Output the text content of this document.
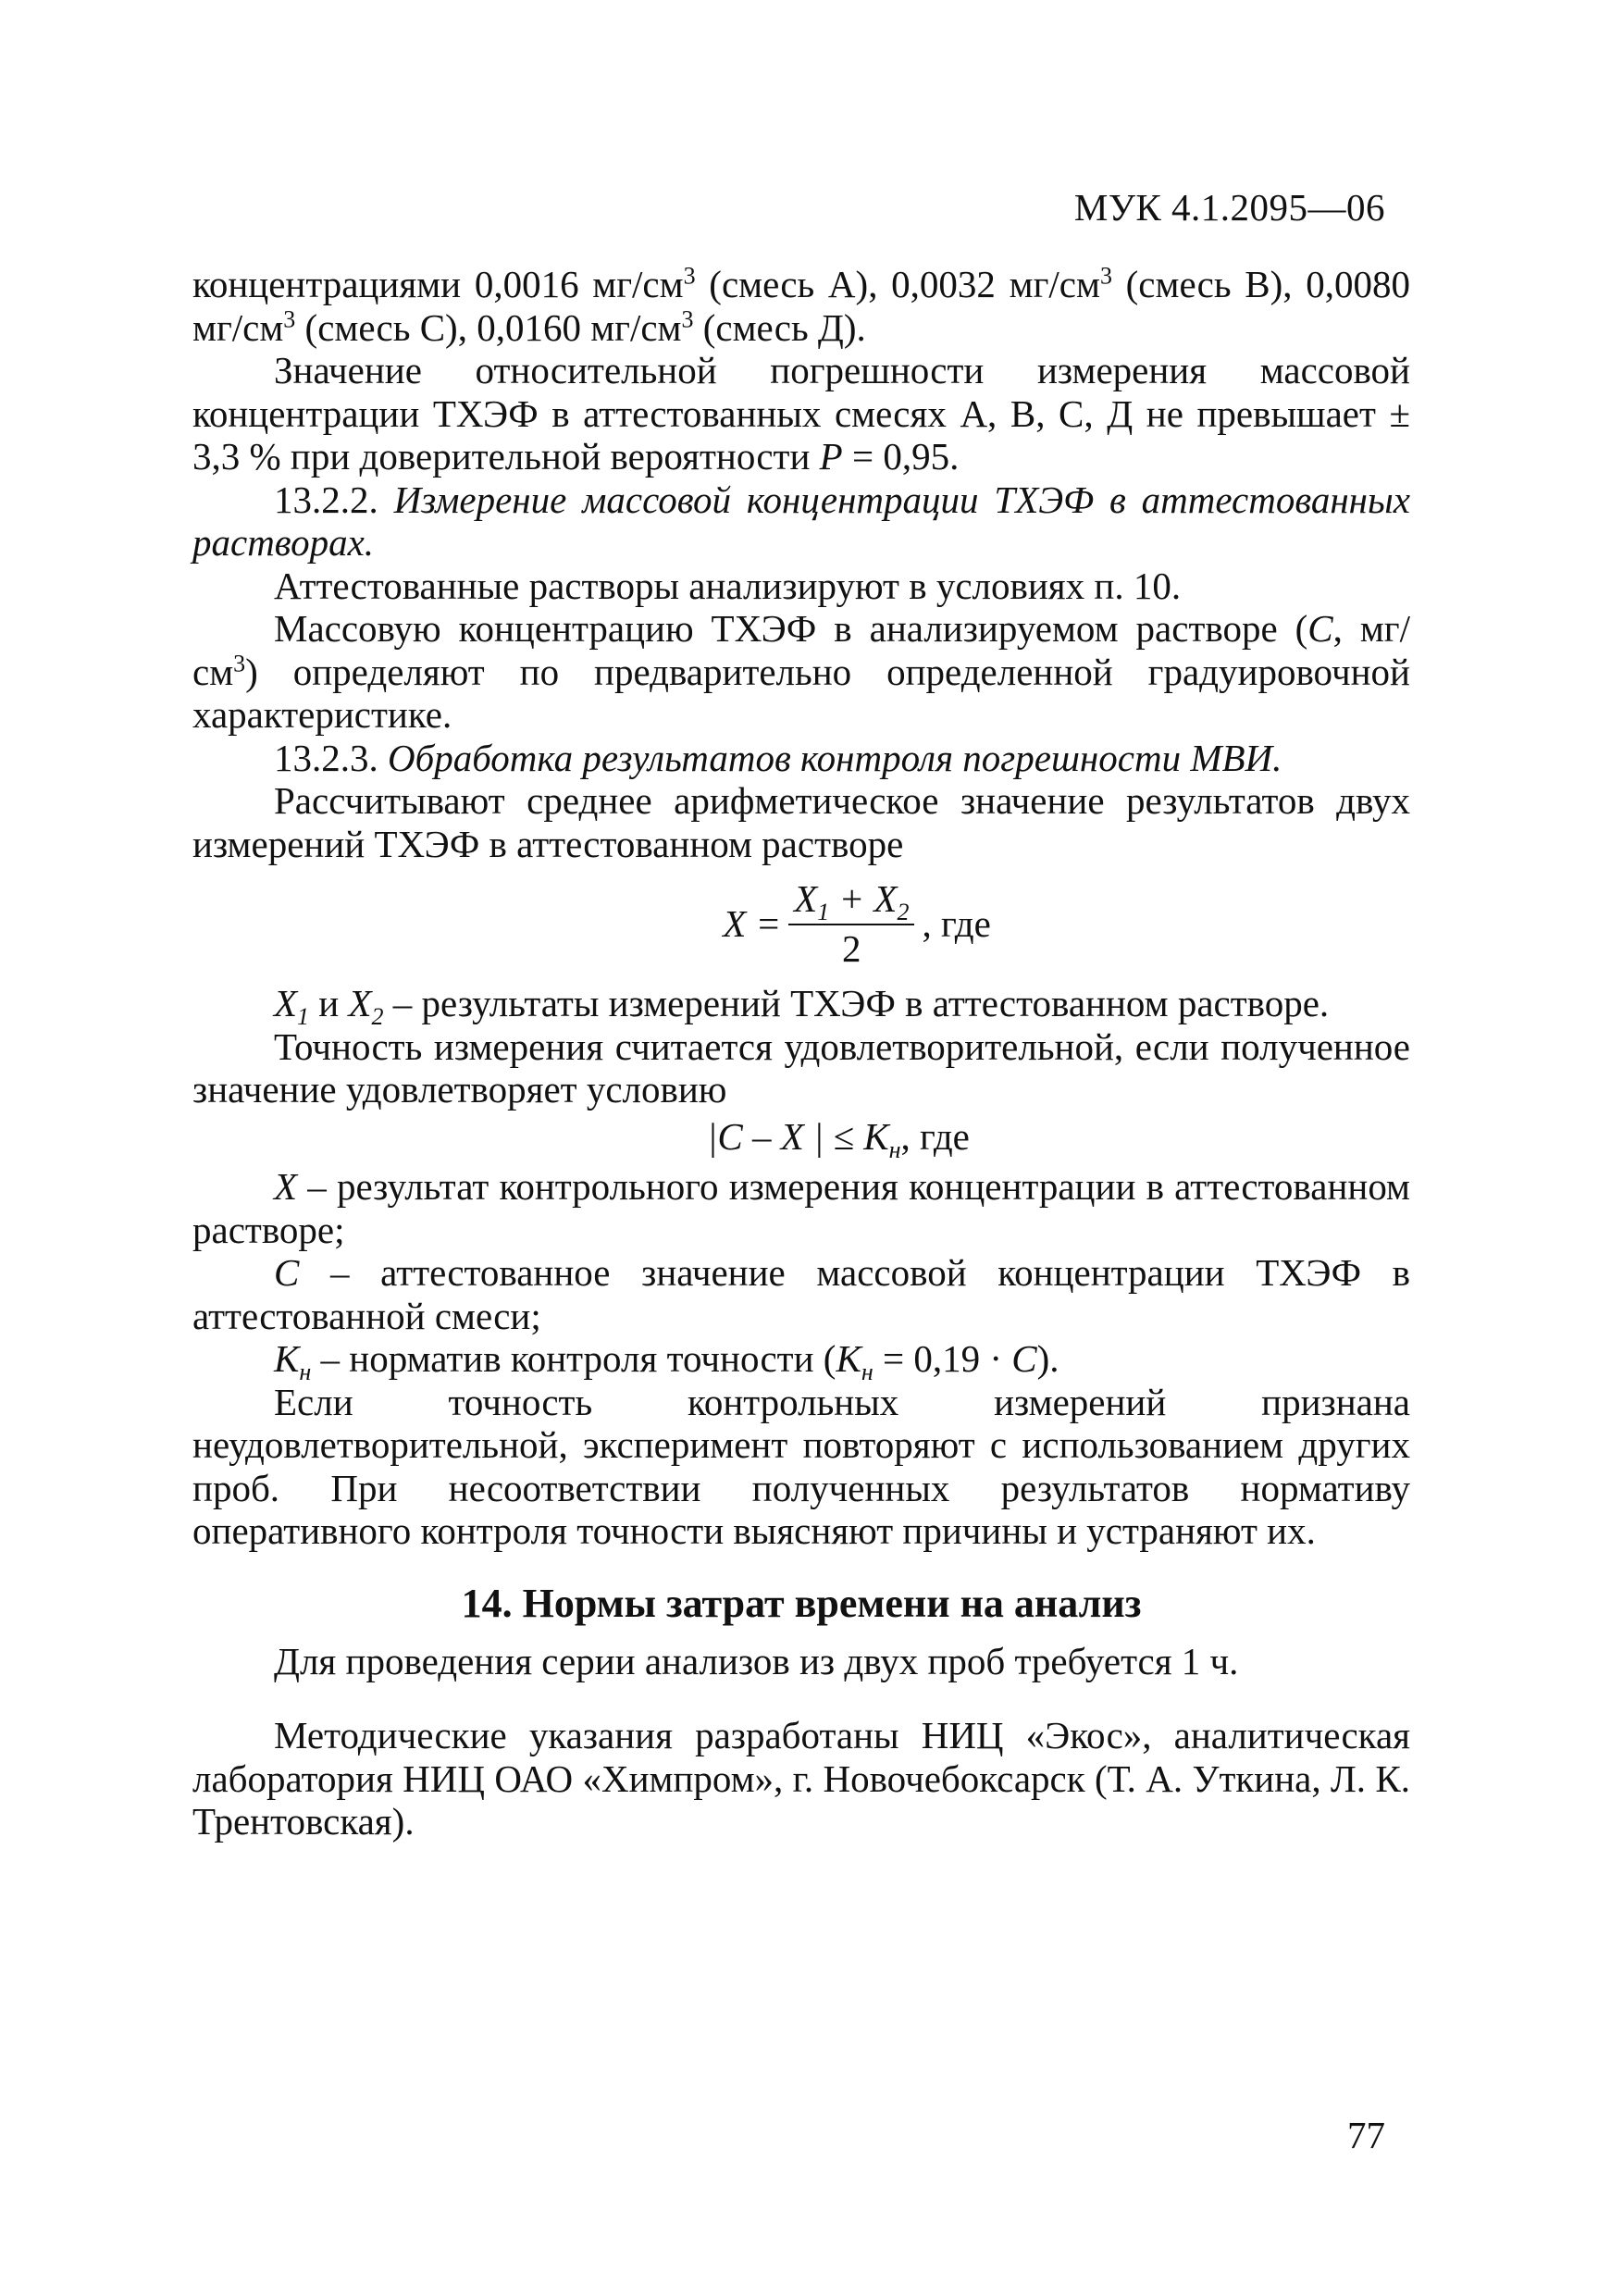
МУК 4.1.2095—06

концентрациями 0,0016 $мг/см^3$ (смесь А), 0,0032 $мг/см^3$ (смесь В), 0,0080 $мг/см^3$ (смесь С), 0,0160 $мг/см^3$ (смесь Д).

Значение относительной погрешности измерения массовой концентрации ТХЭФ в аттестованных смесях А, В, С, Д не превышает ± 3,3 % при доверительной вероятности P = 0,95.

13.2.2. Измерение массовой концентрации ТХЭФ в аттестованных растворах.

Аттестованные растворы анализируют в условиях п. 10.

Массовую концентрацию ТХЭФ в анализируемом растворе (С, $мг/см^3$) определяют по предварительно определенной градуировочной характеристике.

13.2.3. Обработка результатов контроля погрешности МВИ.

Рассчитывают среднее арифметическое значение результатов двух измерений ТХЭФ в аттестованном растворе

$X = \frac{X_1 + X_2}{2}$ , где

$X_1$ и $X_2$ – результаты измерений ТХЭФ в аттестованном растворе.

Точность измерения считается удовлетворительной, если полученное значение удовлетворяет условию

|C – X | ≤ $K_н$, где

X – результат контрольного измерения концентрации в аттестованном растворе;

C – аттестованное значение массовой концентрации ТХЭФ в аттестованной смеси;

$K_н$ – норматив контроля точности $(K_н = 0,19 \cdot C)$.

Если точность контрольных измерений признана неудовлетворительной, эксперимент повторяют с использованием других проб. При несоответствии полученных результатов нормативу оперативного контроля точности выясняют причины и устраняют их.

14. Нормы затрат времени на анализ

Для проведения серии анализов из двух проб требуется 1 ч.

Методические указания разработаны НИЦ «Экос», аналитическая лаборатория НИЦ ОАО «Химпром», г. Новочебоксарск (Т. А. Уткина, Л. К. Трентовская).

77
